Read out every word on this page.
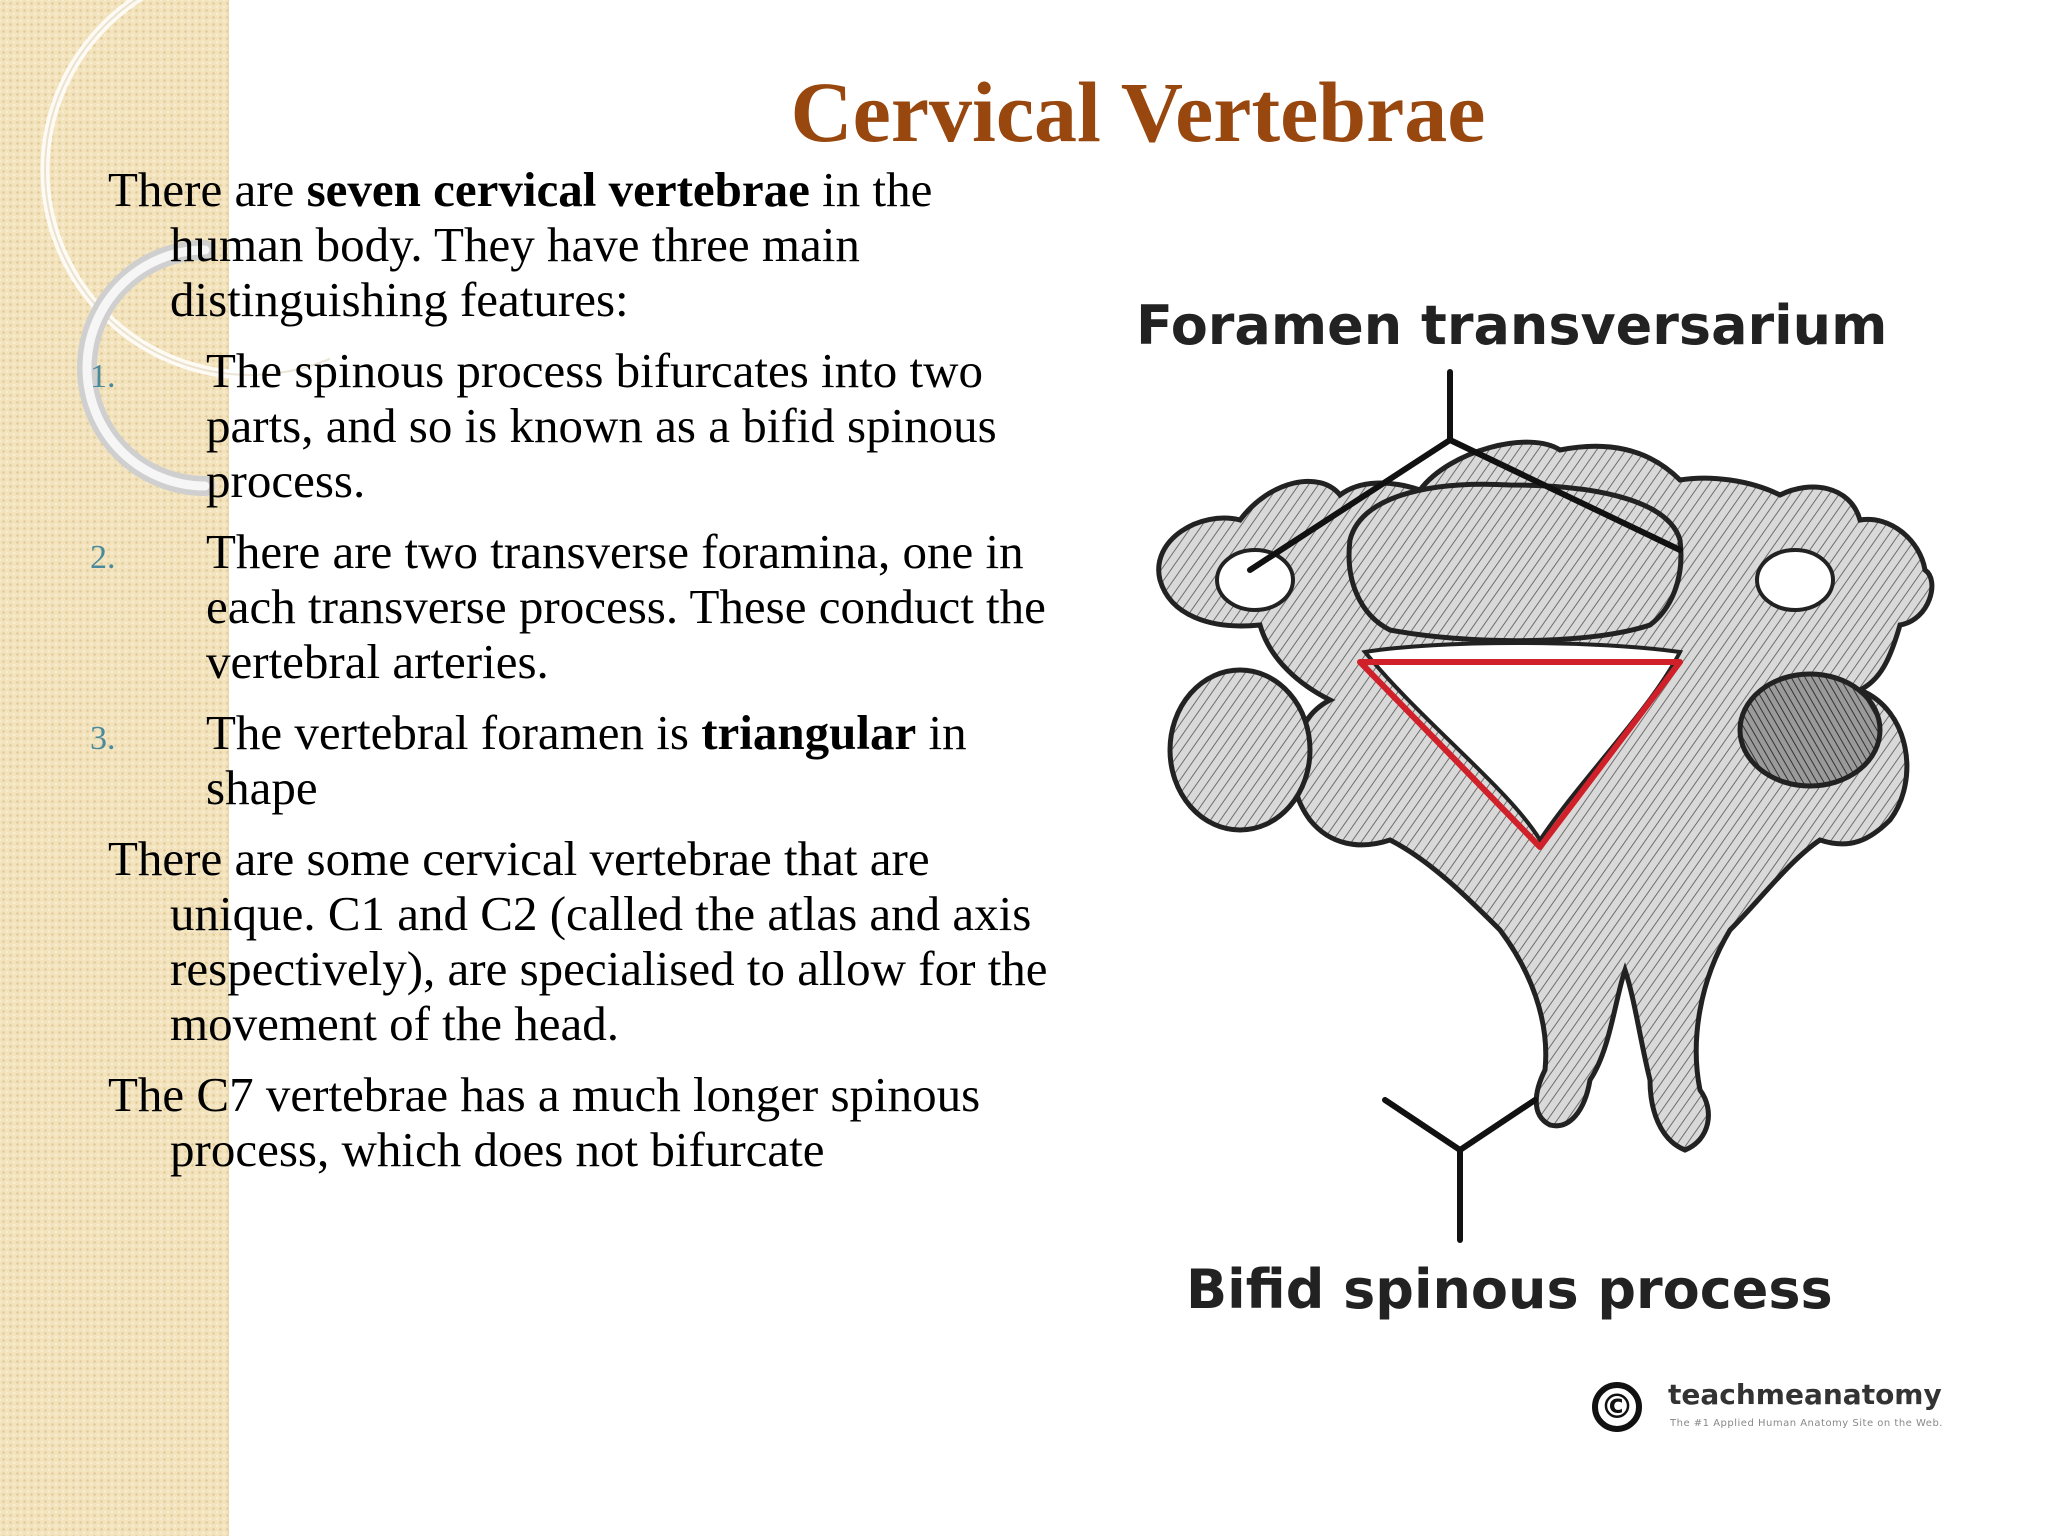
Cervical Vertebrae

There are seven cervical vertebrae in the human body. They have three main distinguishing features:

1. The spinous process bifurcates into two parts, and so is known as a bifid spinous process.
2. There are two transverse foramina, one in each transverse process. These conduct the vertebral arteries.
3. The vertebral foramen is triangular in shape

There are some cervical vertebrae that are unique. C1 and C2 (called the atlas and axis respectively), are specialised to allow for the movement of the head.

The C7 vertebrae has a much longer spinous process, which does not bifurcate

Foramen transversarium
Bifid spinous process
© teachmeanatomy
The #1 Applied Human Anatomy Site on the Web.
